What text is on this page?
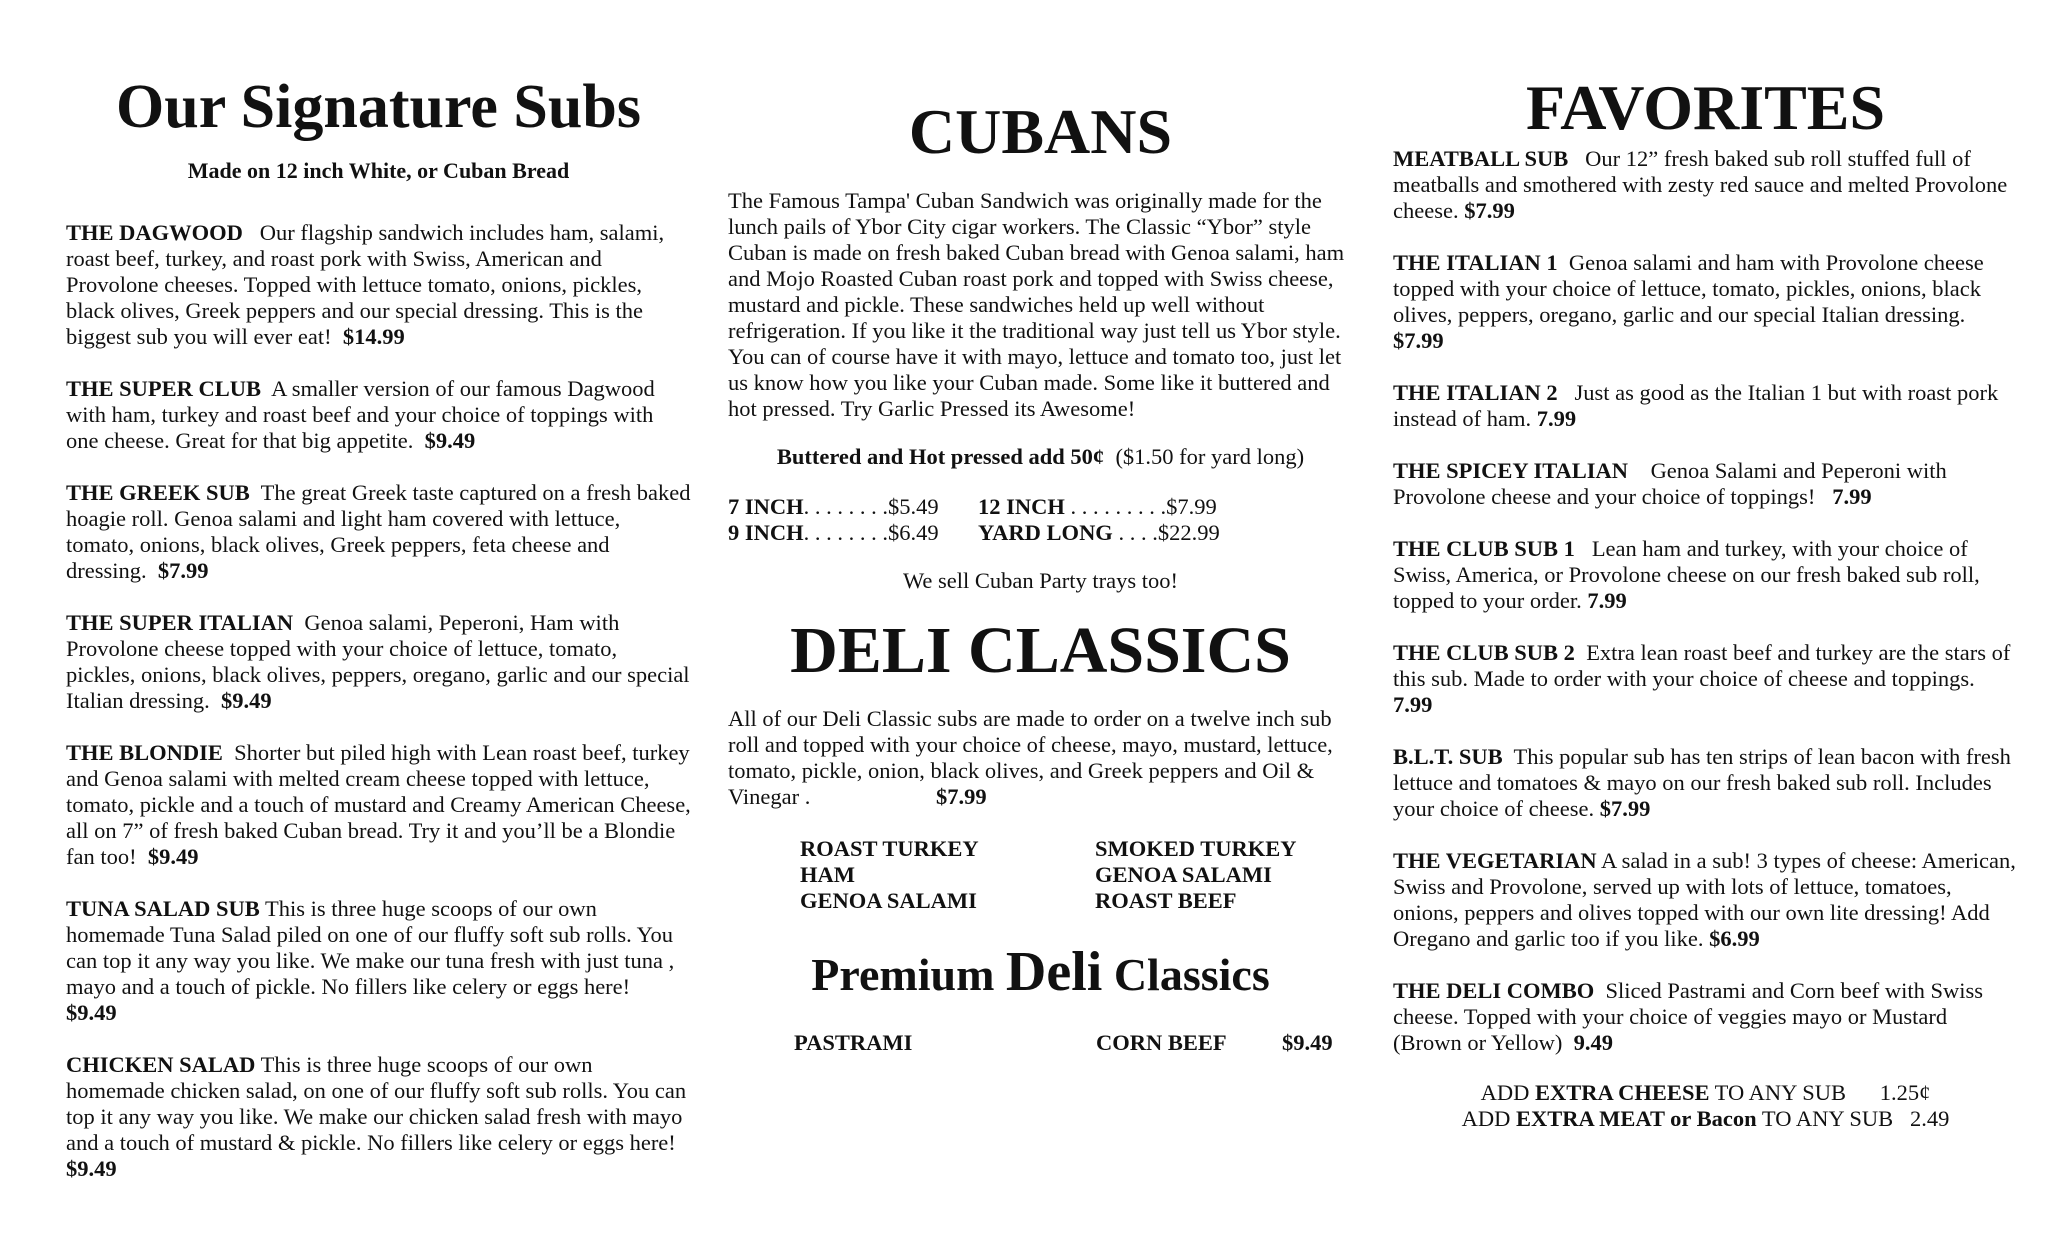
Our Signature Subs
Made on 12 inch White, or Cuban Bread

THE DAGWOOD Our flagship sandwich includes ham, salami, roast beef, turkey, and roast pork with Swiss, American and Provolone cheeses. Topped with lettuce tomato, onions, pickles, black olives, Greek peppers and our special dressing. This is the biggest sub you will ever eat! $14.99

THE SUPER CLUB A smaller version of our famous Dagwood with ham, turkey and roast beef and your choice of toppings with one cheese. Great for that big appetite. $9.49

THE GREEK SUB The great Greek taste captured on a fresh baked hoagie roll. Genoa salami and light ham covered with lettuce, tomato, onions, black olives, Greek peppers, feta cheese and dressing. $7.99

THE SUPER ITALIAN Genoa salami, Peperoni, Ham with Provolone cheese topped with your choice of lettuce, tomato, pickles, onions, black olives, peppers, oregano, garlic and our special Italian dressing. $9.49

THE BLONDIE Shorter but piled high with Lean roast beef, turkey and Genoa salami with melted cream cheese topped with lettuce, tomato, pickle and a touch of mustard and Creamy American Cheese, all on 7” of fresh baked Cuban bread. Try it and you’ll be a Blondie fan too! $9.49

TUNA SALAD SUB This is three huge scoops of our own homemade Tuna Salad piled on one of our fluffy soft sub rolls. You can top it any way you like. We make our tuna fresh with just tuna , mayo and a touch of pickle. No fillers like celery or eggs here!  $9.49

CHICKEN SALAD This is three huge scoops of our own homemade chicken salad, on one of our fluffy soft sub rolls. You can top it any way you like. We make our chicken salad fresh with mayo and a touch of mustard & pickle. No fillers like celery or eggs here! $9.49

CUBANS

The Famous Tampa' Cuban Sandwich was originally made for the lunch pails of Ybor City cigar workers. The Classic “Ybor” style Cuban is made on fresh baked Cuban bread with Genoa salami, ham and Mojo Roasted Cuban roast pork and topped with Swiss cheese, mustard and pickle. These sandwiches held up well without refrigeration. If you like it the traditional way just tell us Ybor style. You can of course have it with mayo, lettuce and tomato too, just let us know how you like your Cuban made. Some like it buttered and hot pressed. Try Garlic Pressed its Awesome!

Buttered and Hot pressed add 50¢ ($1.50 for yard long)
7 INCH. . . . . . . .$5.49	12 INCH . . . . . . . . .$7.99
9 INCH. . . . . . . .$6.49	YARD LONG . . . .$22.99
We sell Cuban Party trays too!
DELI CLASSICS

All of our Deli Classic subs are made to order on a twelve inch sub roll and topped with your choice of cheese, mayo, mustard, lettuce, tomato, pickle, onion, black olives, and Greek peppers and Oil & Vinegar .	$7.99

ROAST TURKEY	SMOKED TURKEY
HAM	GENOA SALAMI
GENOA SALAMI	ROAST BEEF
Premium Deli Classics
PASTRAMI	CORN BEEF	$9.49
FAVORITES

MEATBALL SUB Our 12” fresh baked sub roll stuffed full of meatballs and smothered with zesty red sauce and melted Provolone cheese. $7.99

THE ITALIAN 1 Genoa salami and ham with Provolone cheese topped with your choice of lettuce, tomato, pickles, onions, black olives, peppers, oregano, garlic and our special Italian dressing.  $7.99

THE ITALIAN 2 Just as good as the Italian 1 but with roast pork instead of ham. 7.99

THE SPICEY ITALIAN Genoa Salami and Peperoni with Provolone cheese and your choice of toppings! 7.99

THE CLUB SUB 1 Lean ham and turkey, with your choice of Swiss, America, or Provolone cheese on our fresh baked sub roll, topped to your order. 7.99

THE CLUB SUB 2 Extra lean roast beef and turkey are the stars of this sub. Made to order with your choice of cheese and toppings.  7.99

B.L.T. SUB This popular sub has ten strips of lean bacon with fresh lettuce and tomatoes & mayo on our fresh baked sub roll. Includes your choice of cheese. $7.99

THE VEGETARIAN A salad in a sub! 3 types of cheese: American, Swiss and Provolone, served up with lots of lettuce, tomatoes, onions, peppers and olives topped with our own lite dressing! Add Oregano and garlic too if you like. $6.99

THE DELI COMBO Sliced Pastrami and Corn beef with Swiss cheese. Topped with your choice of veggies mayo or Mustard (Brown or Yellow) 9.49

ADD EXTRA CHEESE TO ANY SUB 1.25¢
ADD EXTRA MEAT or Bacon TO ANY SUB 2.49
